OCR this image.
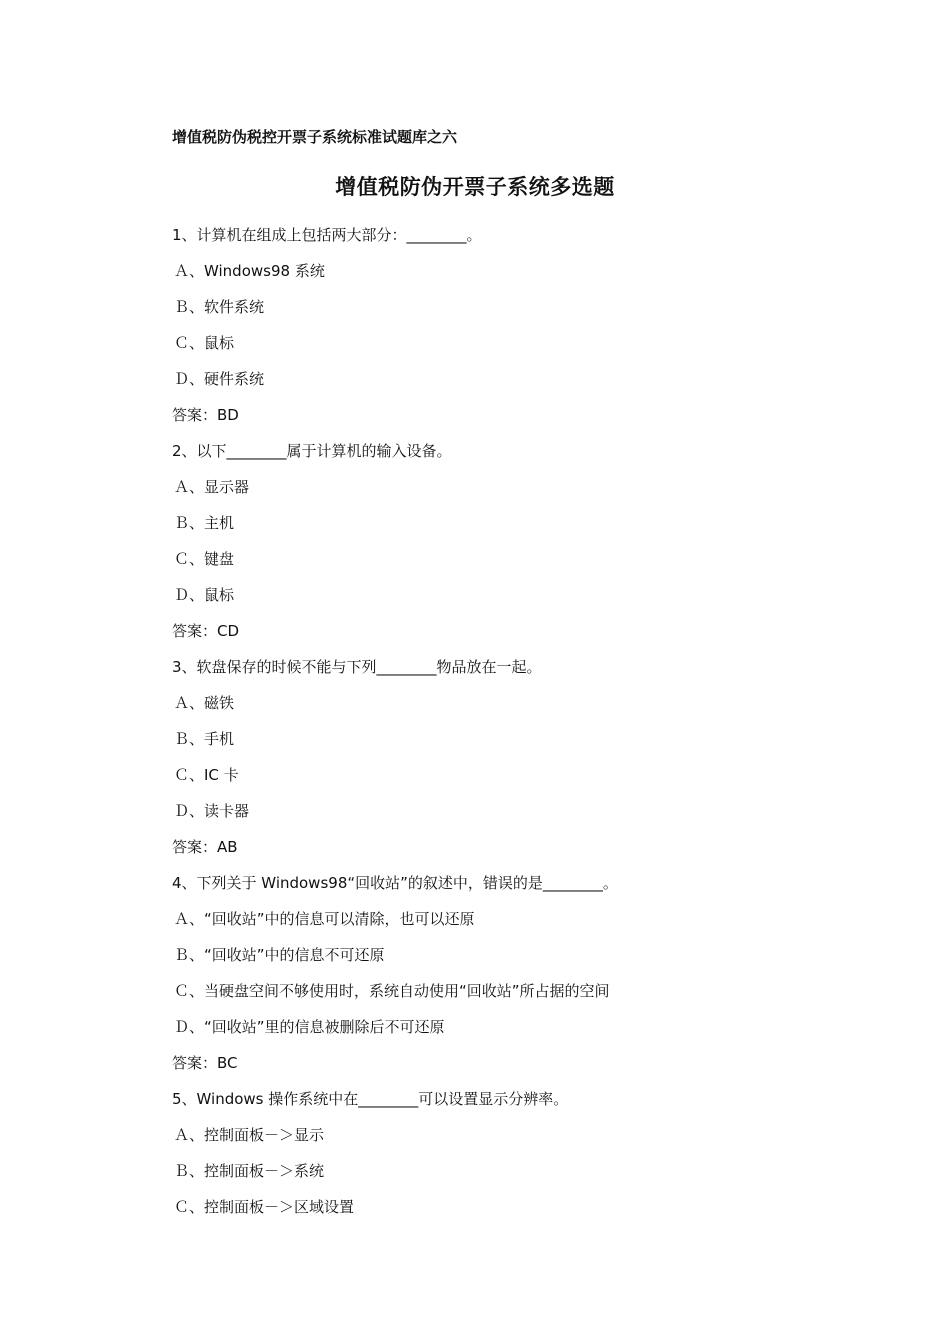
增值税防伪税控开票子系统标准试题库之六
增值税防伪开票子系统多选题
1、计算机在组成上包括两大部分：________。
Ａ、Windows98 系统
Ｂ、软件系统
Ｃ、鼠标
Ｄ、硬件系统
答案：BD
2、以下________属于计算机的输入设备。
Ａ、显示器
Ｂ、主机
Ｃ、键盘
Ｄ、鼠标
答案：CD
3、软盘保存的时候不能与下列________物品放在一起。
Ａ、磁铁
Ｂ、手机
Ｃ、IC 卡
Ｄ、读卡器
答案：AB
4、下列关于 Windows98“回收站”的叙述中，错误的是________。
Ａ、“回收站”中的信息可以清除，也可以还原
Ｂ、“回收站”中的信息不可还原
Ｃ、当硬盘空间不够使用时，系统自动使用“回收站”所占据的空间
Ｄ、“回收站”里的信息被删除后不可还原
答案：BC
5、Windows 操作系统中在________可以设置显示分辨率。
Ａ、控制面板－＞显示
Ｂ、控制面板－＞系统
Ｃ、控制面板－＞区域设置
